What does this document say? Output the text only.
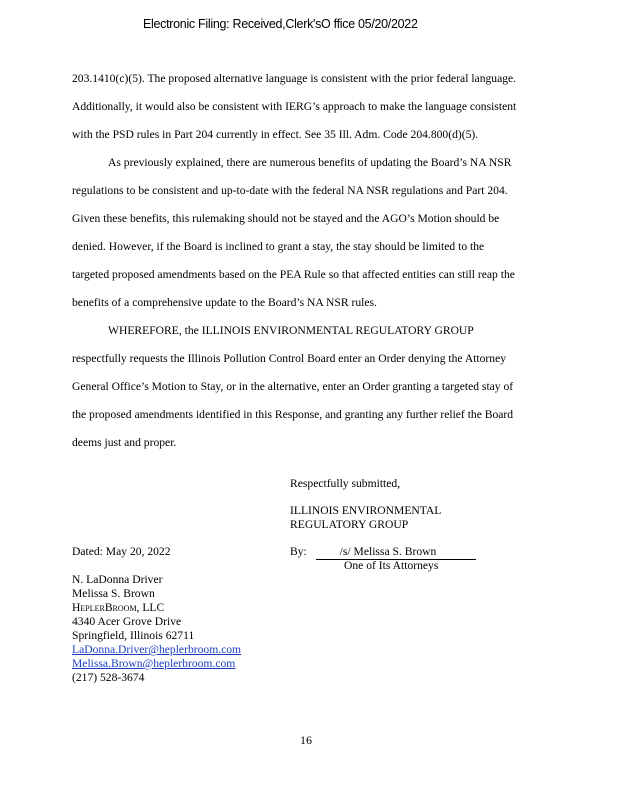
Electronic Filing: Received,Clerk'sO ffice 05/20/2022
203.1410(c)(5). The proposed alternative language is consistent with the prior federal language.
Additionally, it would also be consistent with IERG’s approach to make the language consistent
with the PSD rules in Part 204 currently in effect. See 35 Ill. Adm. Code 204.800(d)(5).
As previously explained, there are numerous benefits of updating the Board’s NA NSR
regulations to be consistent and up-to-date with the federal NA NSR regulations and Part 204.
Given these benefits, this rulemaking should not be stayed and the AGO’s Motion should be
denied. However, if the Board is inclined to grant a stay, the stay should be limited to the
targeted proposed amendments based on the PEA Rule so that affected entities can still reap the
benefits of a comprehensive update to the Board’s NA NSR rules.
WHEREFORE, the ILLINOIS ENVIRONMENTAL REGULATORY GROUP
respectfully requests the Illinois Pollution Control Board enter an Order denying the Attorney
General Office’s Motion to Stay, or in the alternative, enter an Order granting a targeted stay of
the proposed amendments identified in this Response, and granting any further relief the Board
deems just and proper.
Respectfully submitted,
ILLINOIS ENVIRONMENTAL
REGULATORY GROUP
Dated: May 20, 2022	By:	/s/ Melissa S. Brown
One of Its Attorneys
N. LaDonna Driver
Melissa S. Brown
HeplerBroom, LLC
4340 Acer Grove Drive
Springfield, Illinois 62711
LaDonna.Driver@heplerbroom.com
Melissa.Brown@heplerbroom.com
(217) 528-3674
16
